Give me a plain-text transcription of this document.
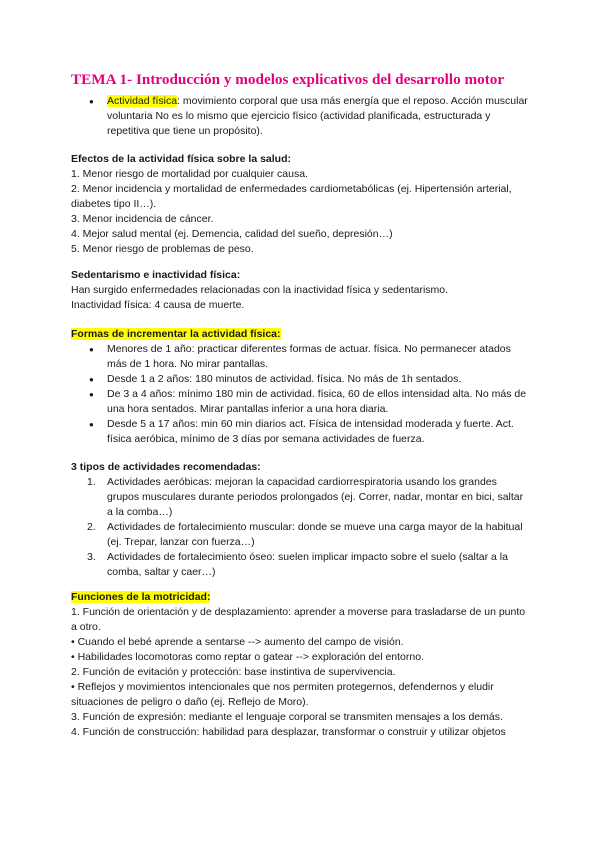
TEMA 1- Introducción y modelos explicativos del desarrollo motor
● Actividad física: movimiento corporal que usa más energía que el reposo. Acción muscular voluntaria No es lo mismo que ejercicio físico (actividad planificada, estructurada y repetitiva que tiene un propósito).
Efectos de la actividad física sobre la salud:
1. Menor riesgo de mortalidad por cualquier causa.
2. Menor incidencia y mortalidad de enfermedades cardiometabólicas (ej. Hipertensión arterial, diabetes tipo II…).
3. Menor incidencia de cáncer.
4. Mejor salud mental (ej. Demencia, calidad del sueño, depresión…)
5. Menor riesgo de problemas de peso.
Sedentarismo e inactividad física:
Han surgido enfermedades relacionadas con la inactividad física y sedentarismo.
Inactividad física: 4 causa de muerte.
Formas de incrementar la actividad física:
● Menores de 1 año: practicar diferentes formas de actuar. física. No permanecer atados más de 1 hora. No mirar pantallas.
● Desde 1 a 2 años: 180 minutos de actividad. física. No más de 1h sentados.
● De 3 a 4 años: mínimo 180 min de actividad. física, 60 de ellos intensidad alta. No más de una hora sentados. Mirar pantallas inferior a una hora diaria.
● Desde 5 a 17 años: min 60 min diarios act. Física de intensidad moderada y fuerte. Act. física aeróbica, mínimo de 3 días por semana actividades de fuerza.
3 tipos de actividades recomendadas:
1. Actividades aeróbicas: mejoran la capacidad cardiorrespiratoria usando los grandes grupos musculares durante periodos prolongados (ej. Correr, nadar, montar en bici, saltar a la comba…)
2. Actividades de fortalecimiento muscular: donde se mueve una carga mayor de la habitual (ej. Trepar, lanzar con fuerza…)
3. Actividades de fortalecimiento óseo: suelen implicar impacto sobre el suelo (saltar a la comba, saltar y caer…)
Funciones de la motricidad:
1. Función de orientación y de desplazamiento: aprender a moverse para trasladarse de un punto a otro.
• Cuando el bebé aprende a sentarse --> aumento del campo de visión.
• Habilidades locomotoras como reptar o gatear --> exploración del entorno.
2. Función de evitación y protección: base instintiva de supervivencia.
• Reflejos y movimientos intencionales que nos permiten protegernos, defendernos y eludir situaciones de peligro o daño (ej. Reflejo de Moro).
3. Función de expresión: mediante el lenguaje corporal se transmiten mensajes a los demás.
4. Función de construcción: habilidad para desplazar, transformar o construir y utilizar objetos
